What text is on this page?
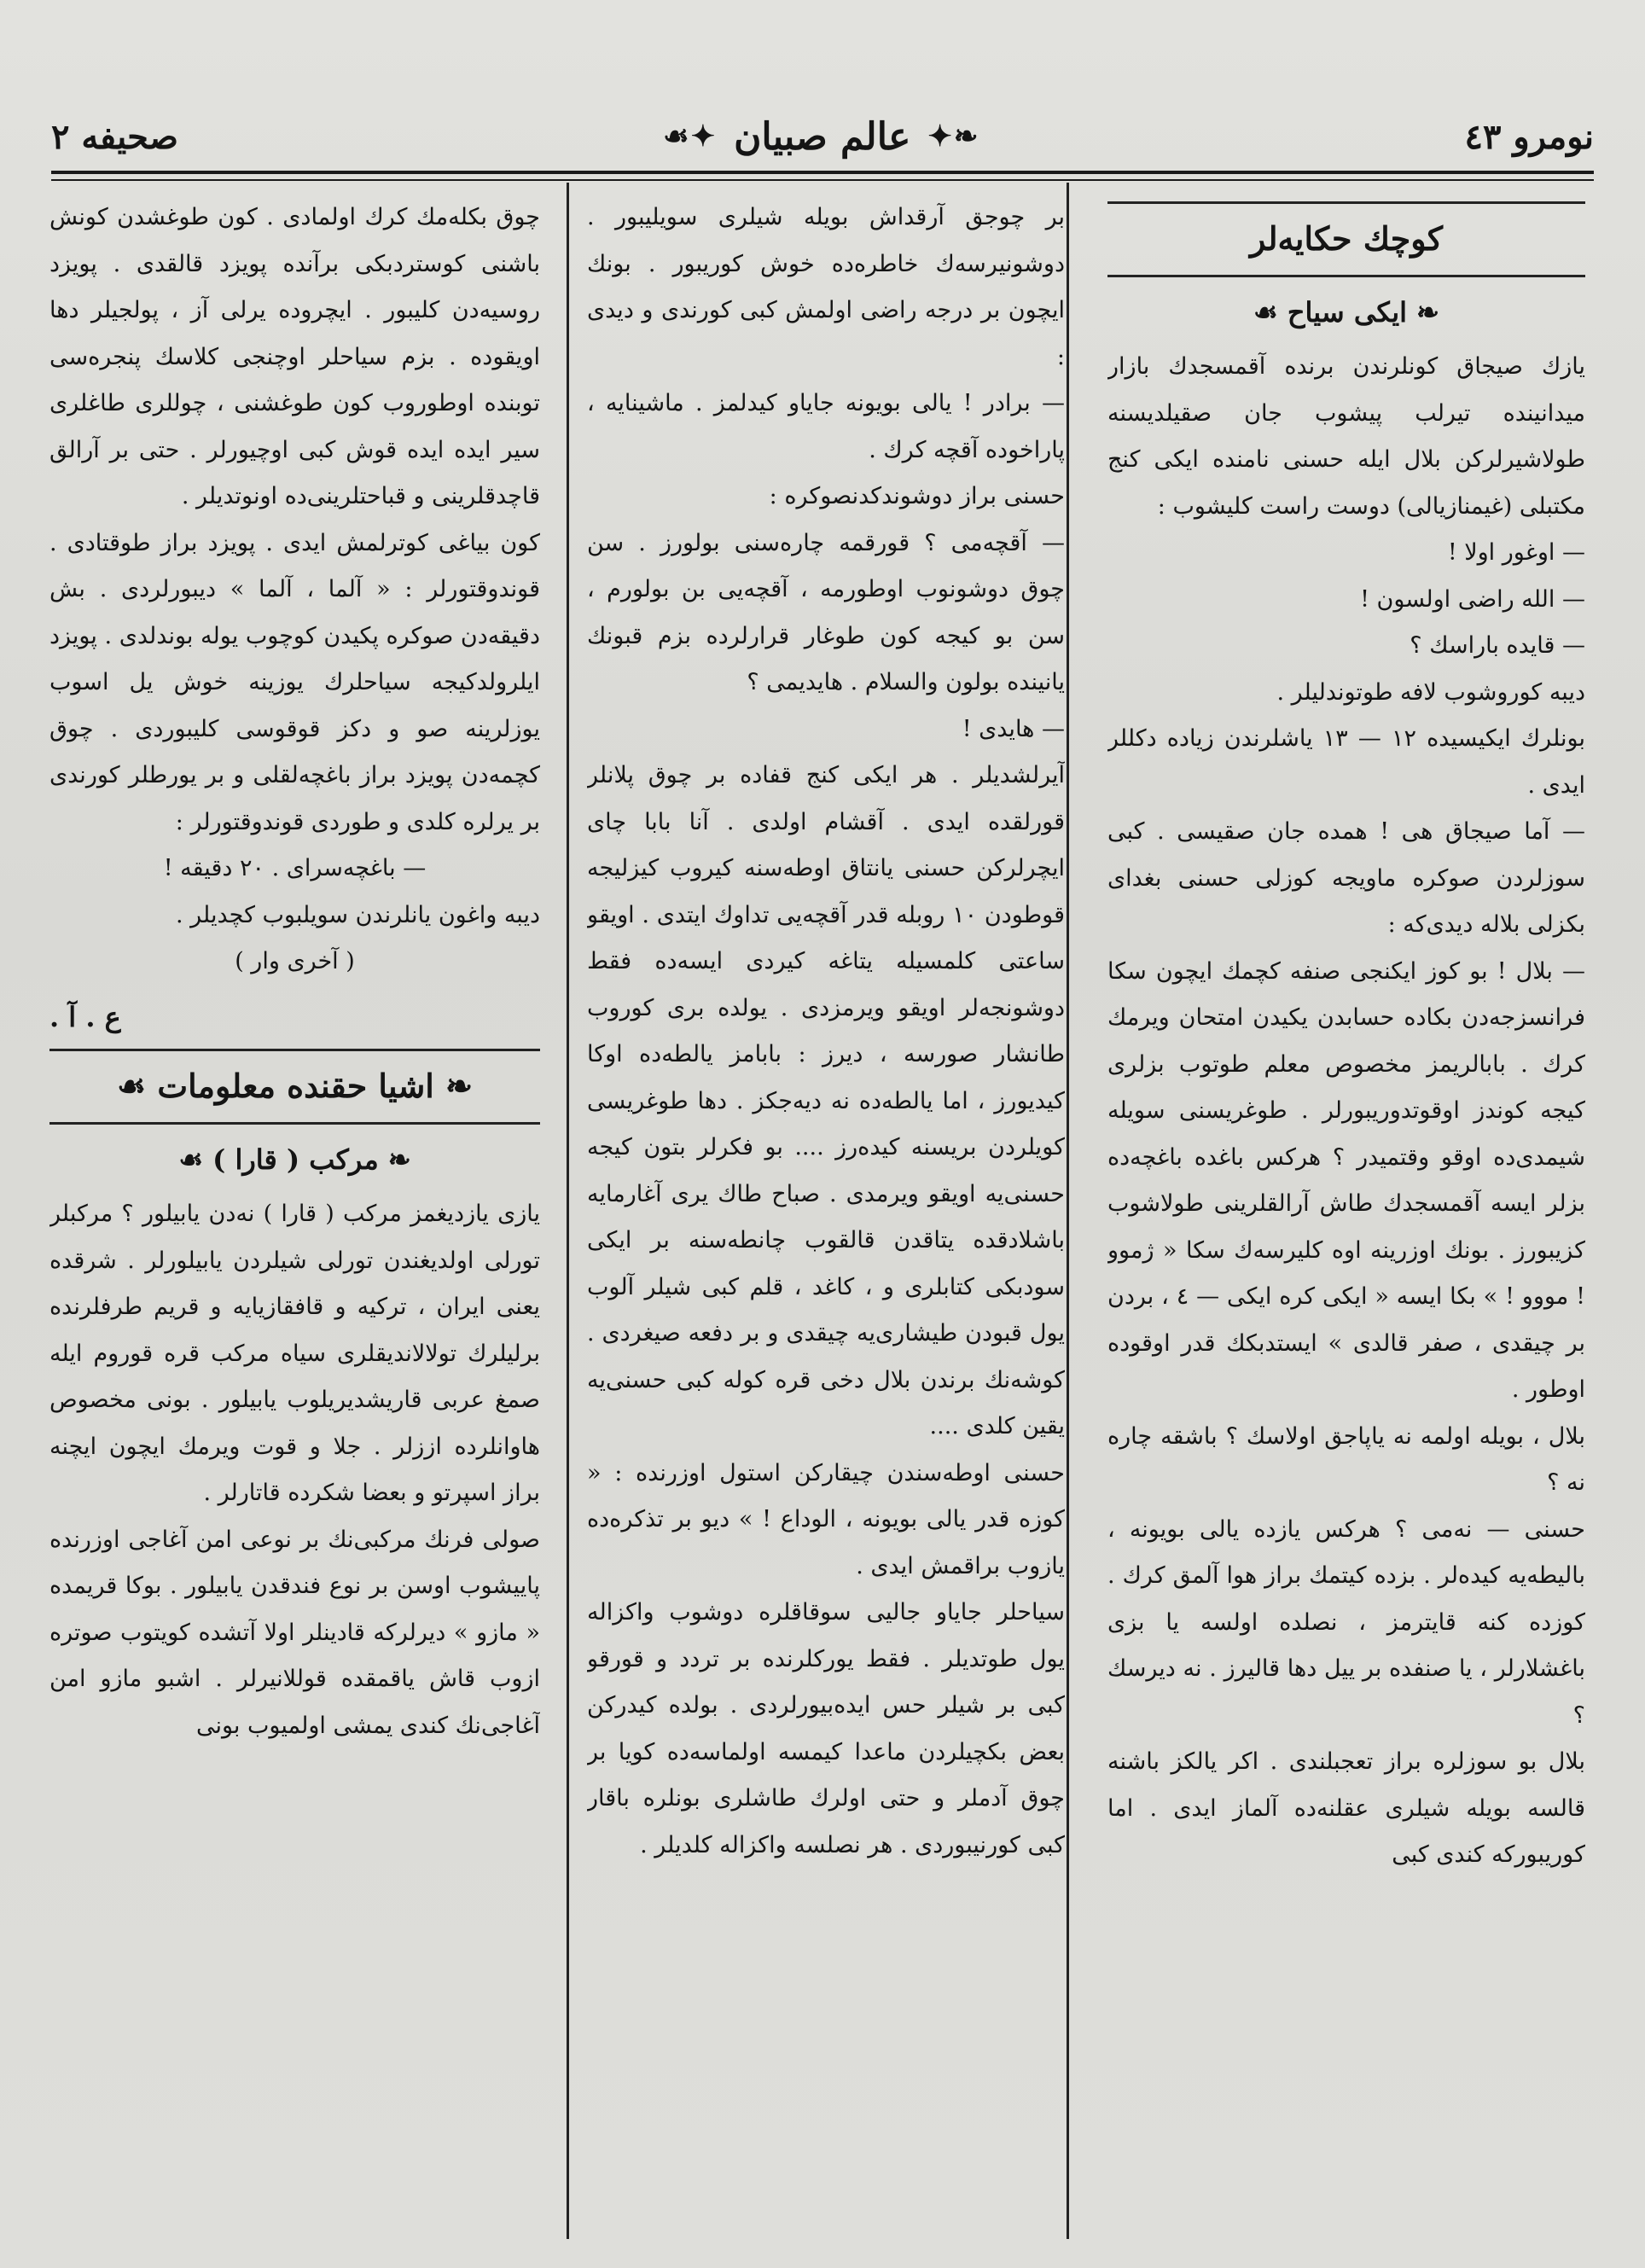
نومرو ٤٣
❧✦
عالم صبيان
✦☙
صحيفه ٢
كوچك حكايه‌لر
❧ ايكى سياح ☙

يازك صيجاق كونلرندن برنده آقمسجدك بازار ميدانينده تيرلب پيشوب جان صقيلديسنه طولاشيرلركن بلال ايله حسنى نامنده ايكى كنج مكتبلى (غيمنازيالى) دوست راست كليشوب :

— اوغور اولا !

— الله راضى اولسون !

— قايده باراسك ؟

ديبه كوروشوب لافه طوتوندليلر .

بونلرك ايكيسيده ١٢ — ١٣ ياشلرندن زياده دكللر ايدى .

— آما صيجاق هى ! همده جان صقيسى . كبى سوزلردن صوكره ماويجه كوزلى حسنى بغداى بكزلى بلاله ديدى‌كه :

— بلال ! بو كوز ايكنجى صنفه كچمك ايچون سكا فرانسزجه‌دن بكاده حسابدن يكيدن امتحان ويرمك كرك . بابالريمز مخصوص معلم طوتوب بزلرى كيجه كوندز اوقوتدوريبورلر . طوغريسنى سويله شيمدى‌ده اوقو وقتميدر ؟ هركس باغده باغچه‌ده بزلر ايسه آقمسجدك طاش آرالقلرينى طولاشوب كزيبورز . بونك اوزرينه اوه كليرسه‌ك سكا « ژموو ! مووو ! » بكا ايسه « ايكى كره ايكى — ٤ ، بردن بر چيقدى ، صفر قالدى » ايستدبكك قدر اوقوده اوطور .

بلال ، بويله اولمه نه ياپاجق اولاسك ؟ باشقه چاره نه ؟

حسنى — نه‌مى ؟ هركس يازده يالى بويونه ، باليطه‌يه كيدەلر . بزده كيتمك براز هوا آلمق كرك . كوزده كنه قايترمز ، نصلده اولسه يا بزى باغشلارلر ، يا صنفده بر ييل دها قاليرز . نه ديرسك ؟

بلال بو سوزلره براز تعجبلندى . اكر يالكز باشنه قالسه بويله شيلرى عقلنه‌ده آلماز ايدى . اما كوريبوركه كندى كبى

بر چوجق آرقداش بويله شيلرى سويليبور . دوشونيرسه‌ك خاطره‌ده خوش كوريبور . بونك ايچون بر درجه راضى اولمش كبى كورندى و ديدى :

— برادر ! يالى بويونه جاياو كيدلمز . ماشينايه ، پاراخوده آقچه كرك .

حسنى براز دوشوندكدنصوكره :

— آقچه‌مى ؟ قورقمه چاره‌سنى بولورز . سن چوق دوشونوب اوطورمه ، آقچه‌يى بن بولورم ، سن بو كيجه كون طوغار قرارلرده بزم قبونك يانينده بولون والسلام . هايديمى ؟

— هايدى !

آيرلشديلر . هر ايكى كنج قفاده بر چوق پلانلر قورلقده ايدى . آقشام اولدى . آنا بابا چاى ايچرلركن حسنى يانتاق اوطه‌سنه كيروب كيزليجه قوطودن ١٠ روبله قدر آقچه‌يى تداوك ايتدى . اويقو ساعتى كلمسيله يتاغه كيردى ايسه‌ده فقط دوشونجه‌لر اويقو ويرمزدى . يولده برى كوروب طانشار صورسه ، ديرز : بابامز يالطه‌ده اوكا كيديورز ، اما يالطه‌ده نه ديه‌جكز . دها طوغريسى كويلردن بريسنه كيدەرز .... بو فكرلر بتون كيجه حسنى‌يه اويقو ويرمدى . صباح طاك يرى آغارمايه باشلادقده يتاقدن قالقوب چانطه‌سنه بر ايكى سودبكى كتابلرى و ، كاغد ، قلم كبى شيلر آلوب يول قبودن طيشارى‌يه چيقدى و بر دفعه صيغردى . كوشه‌نك برندن بلال دخى قره كوله كبى حسنى‌يه يقين كلدى ....

حسنى اوطه‌سندن چيقاركن استول اوزرنده : « كوزه قدر يالى بويونه ، الوداع ! » ديو بر تذكره‌ده يازوب براقمش ايدى .

سياحلر جاياو جاليى سوقاقلره دوشوب واكزاله يول طوتديلر . فقط يوركلرنده بر تردد و قورقو كبى بر شيلر حس ايده‌بيورلردى . بولده كيدركن بعض بكچيلردن ماعدا كيمسه اولماسه‌ده كويا بر چوق آدملر و حتى اولرك طاشلرى بونلره باقار كبى كورنيبوردى . هر نصلسه واكزاله كلديلر .

چوق بكلەمك كرك اولمادى . كون طوغشدن كونش باشنى كوستردبكى برآنده پويزد قالقدى . پويزد روسيه‌دن كليبور . ايچروده يرلى آز ، پولجيلر دها اويقوده . بزم سياحلر اوچنجى كلاسك پنجره‌سى توبنده اوطوروب كون طوغشنى ، چوللرى طاغلرى سير ايده ايده قوش كبى اوچيورلر . حتى بر آرالق قاچدقلرينى و قباحتلرينى‌ده اونوتديلر .

كون بياغى كوترلمش ايدى . پويزد براز طوقتادى . قوندوقتورلر : « آلما ، آلما » ديبورلردى . بش دقيقه‌دن صوكره پكيدن كوچوب يوله بوندلدى . پويزد ايلرولدكيجه سياحلرك يوزينه خوش يل اسوب يوزلرينه صو و دكز قوقوسى كليبوردى . چوق كچمه‌دن پويزد براز باغچه‌لقلى و بر يورطلر كورندى بر يرلره كلدى و طوردى قوندوقتورلر :

— باغچه‌سراى . ٢٠ دقيقه !

ديبه واغون يانلرندن سويلبوب كچديلر .

( آخرى وار )

ع . آ .
❧ اشيا حقنده معلومات ☙
❧ مركب ( قارا ) ☙

يازى يازديغمز مركب ( قارا ) نه‌دن يابيلور ؟ مركبلر تورلى اولديغندن تورلى شيلردن يابيلورلر . شرقده يعنى ايران ، تركيه و قافقازيايه و قريم طرفلرنده برليلرك تولالانديقلرى سياه مركب قره قوروم ايله صمغ عربى قاريشديريلوب يابيلور . بونى مخصوص هاوانلرده اززلر . جلا و قوت ويرمك ايچون ايچنه براز اسپرتو و بعضا شكرده قاتارلر .

صولى فرنك مركبى‌نك بر نوعى امن آغاجى اوزرنده پاييشوب اوسن بر نوع فندقدن يابيلور . بوكا قريمده « مازو » ديرلركه قادينلر اولا آتشده كويتوب صوتره ازوب قاش ياقمقده قوللانيرلر . اشبو مازو امن آغاجى‌نك كندى يمشى اولميوب بونى
